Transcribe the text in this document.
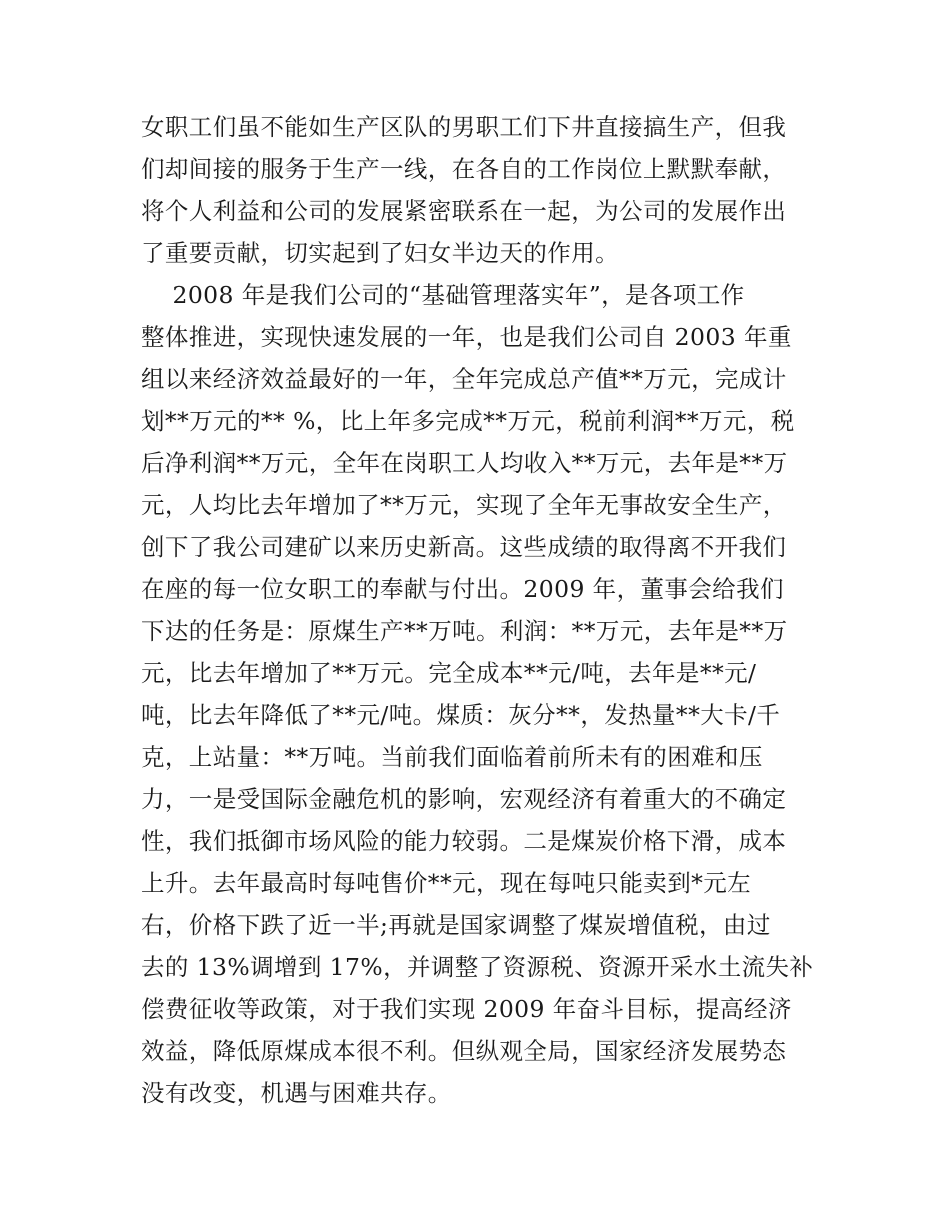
女职工们虽不能如生产区队的男职工们下井直接搞生产，但我
们却间接的服务于生产一线，在各自的工作岗位上默默奉献，
将个人利益和公司的发展紧密联系在一起，为公司的发展作出
了重要贡献，切实起到了妇女半边天的作用。
2008 年是我们公司的“基础管理落实年”，是各项工作
整体推进，实现快速发展的一年，也是我们公司自 2003 年重
组以来经济效益最好的一年，全年完成总产值**万元，完成计
划**万元的** %，比上年多完成**万元，税前利润**万元，税
后净利润**万元，全年在岗职工人均收入**万元，去年是**万
元，人均比去年增加了**万元，实现了全年无事故安全生产，
创下了我公司建矿以来历史新高。这些成绩的取得离不开我们
在座的每一位女职工的奉献与付出。2009 年，董事会给我们
下达的任务是：原煤生产**万吨。利润：**万元，去年是**万
元，比去年增加了**万元。完全成本**元/吨，去年是**元/
吨，比去年降低了**元/吨。煤质：灰分**，发热量**大卡/千
克，上站量：**万吨。当前我们面临着前所未有的困难和压
力，一是受国际金融危机的影响，宏观经济有着重大的不确定
性，我们抵御市场风险的能力较弱。二是煤炭价格下滑，成本
上升。去年最高时每吨售价**元，现在每吨只能卖到*元左
右，价格下跌了近一半;再就是国家调整了煤炭增值税，由过
去的 13%调增到 17%，并调整了资源税、资源开采水土流失补
偿费征收等政策，对于我们实现 2009 年奋斗目标，提高经济
效益，降低原煤成本很不利。但纵观全局，国家经济发展势态
没有改变，机遇与困难共存。
